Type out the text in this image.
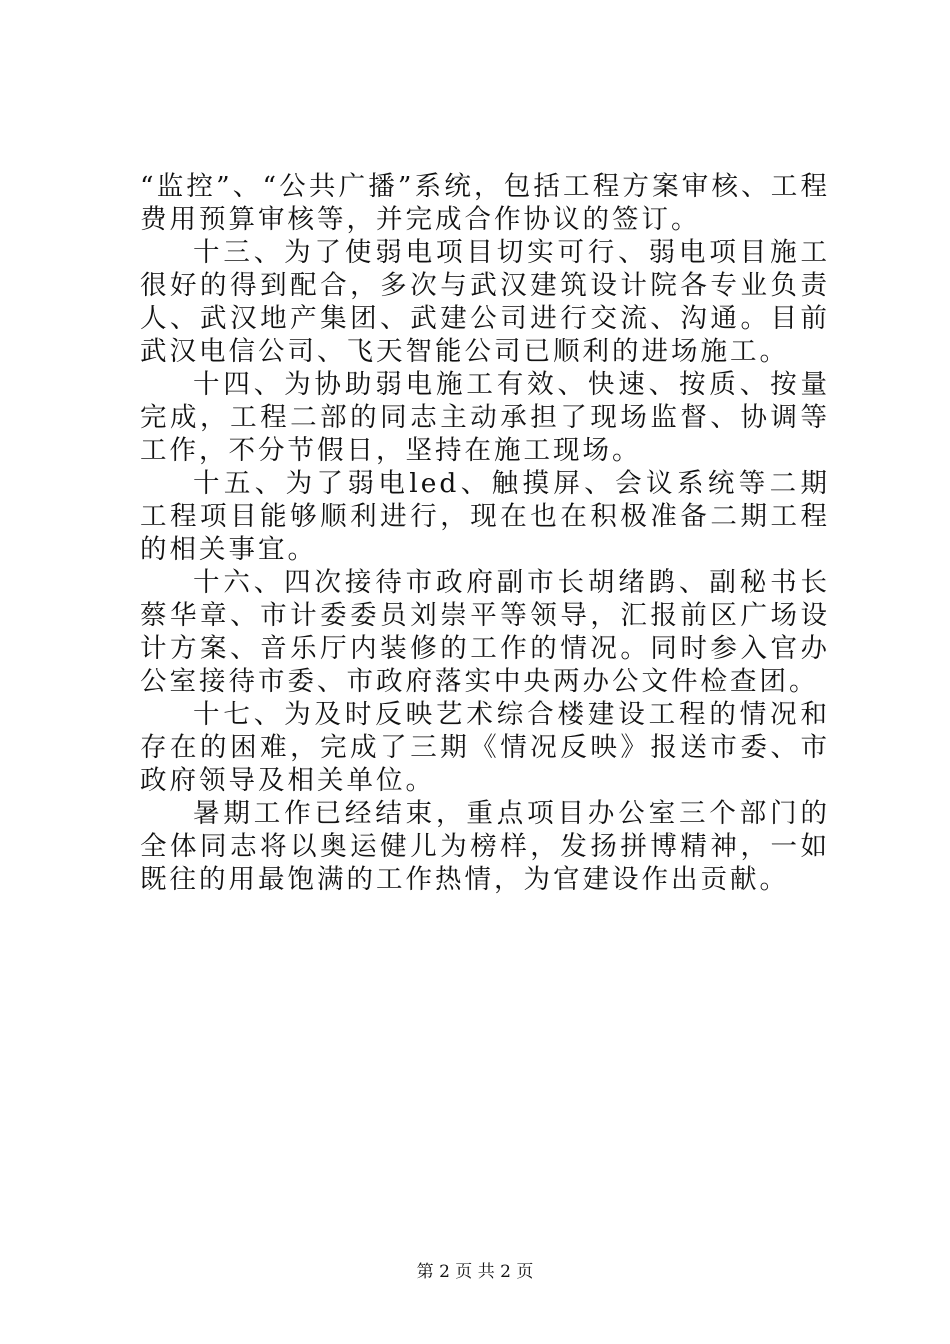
“监控”、“公共广播”系统，包括工程方案审核、工程费用预算审核等，并完成合作协议的签订。

十三、为了使弱电项目切实可行、弱电项目施工很好的得到配合，多次与武汉建筑设计院各专业负责人、武汉地产集团、武建公司进行交流、沟通。目前武汉电信公司、飞天智能公司已顺利的进场施工。

十四、为协助弱电施工有效、快速、按质、按量完成，工程二部的同志主动承担了现场监督、协调等工作，不分节假日，坚持在施工现场。

十五、为了弱电led、触摸屏、会议系统等二期工程项目能够顺利进行，现在也在积极准备二期工程的相关事宜。

十六、四次接待市政府副市长胡绪鹍、副秘书长蔡华章、市计委委员刘崇平等领导，汇报前区广场设计方案、音乐厅内装修的工作的情况。同时参入官办公室接待市委、市政府落实中央两办公文件检查团。

十七、为及时反映艺术综合楼建设工程的情况和存在的困难，完成了三期《情况反映》报送市委、市政府领导及相关单位。

暑期工作已经结束，重点项目办公室三个部门的全体同志将以奥运健儿为榜样，发扬拼博精神，一如既往的用最饱满的工作热情，为官建设作出贡献。

第 2 页 共 2 页
